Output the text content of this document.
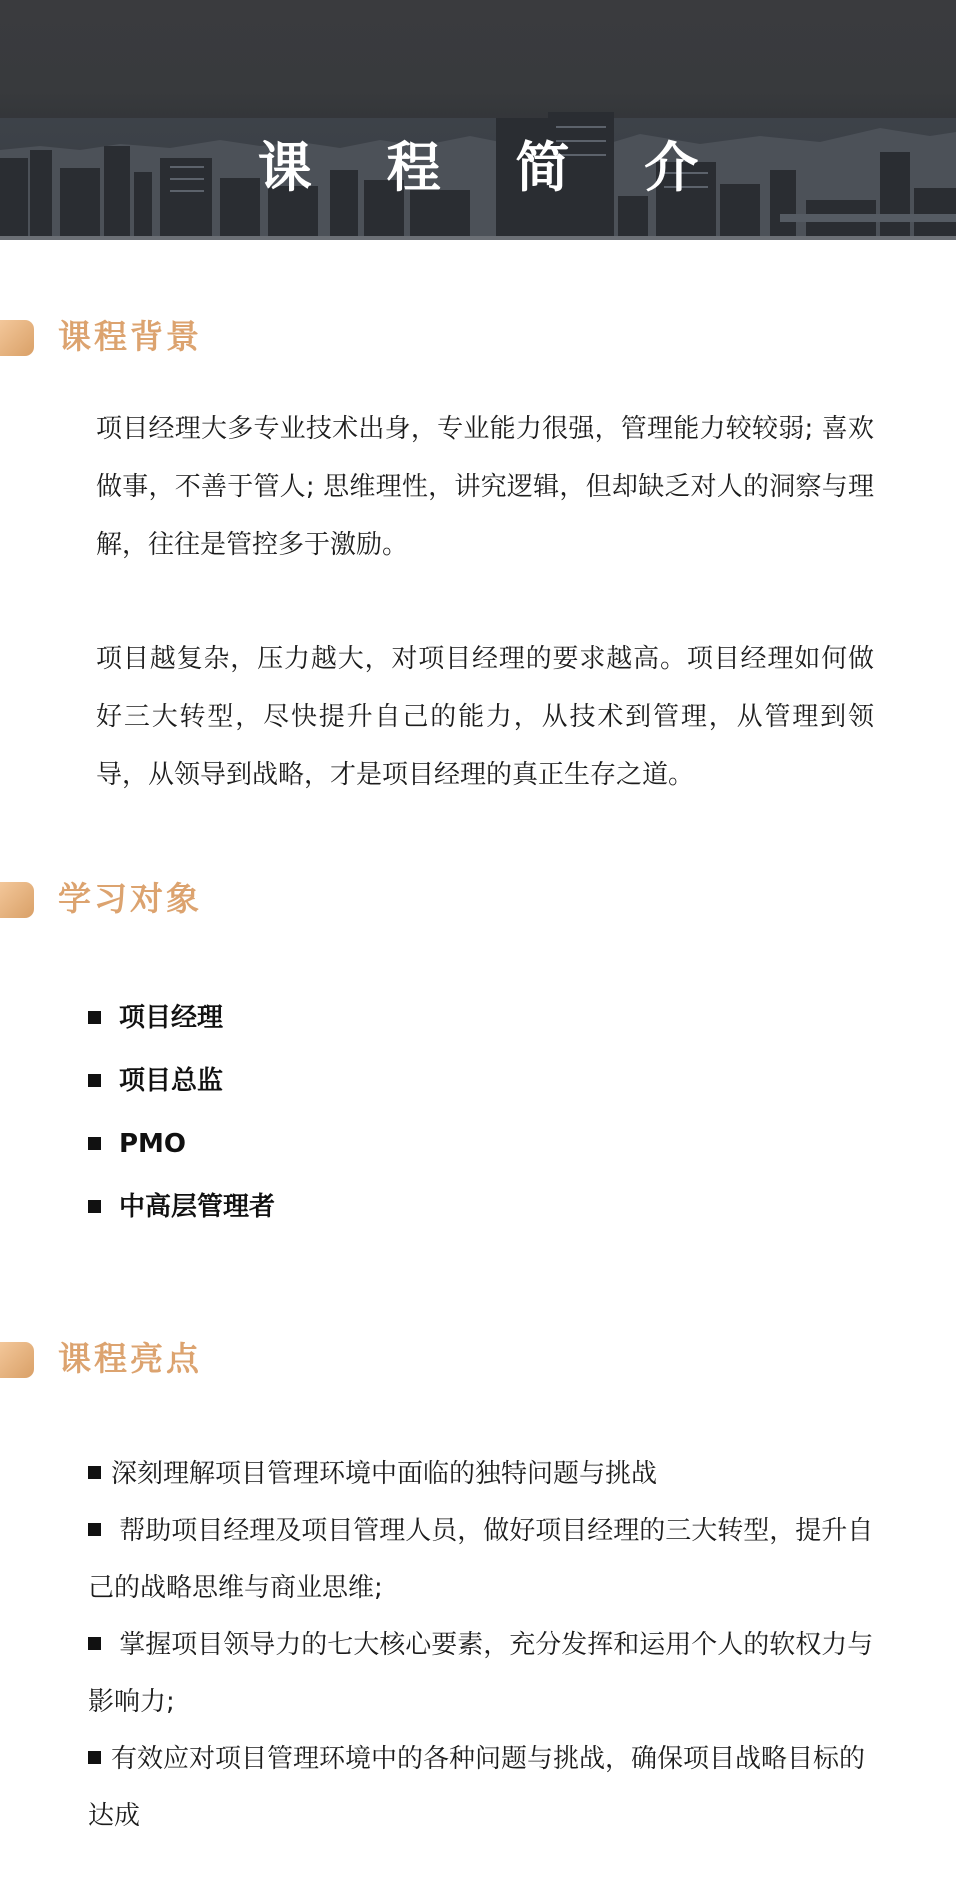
课 程 简 介
课程背景

项目经理大多专业技术出身，专业能力很强，管理能力较较弱; 喜欢做事，不善于管人; 思维理性，讲究逻辑，但却缺乏对人的洞察与理解，往往是管控多于激励。

项目越复杂，压力越大，对项目经理的要求越高。项目经理如何做好三大转型，尽快提升自己的能力，从技术到管理，从管理到领导，从领导到战略，才是项目经理的真正生存之道。

学习对象
项目经理
项目总监
PMO
中高层管理者
课程亮点
深刻理解项目管理环境中面临的独特问题与挑战
帮助项目经理及项目管理人员，做好项目经理的三大转型，提升自己的战略思维与商业思维;
掌握项目领导力的七大核心要素，充分发挥和运用个人的软权力与影响力;
有效应对项目管理环境中的各种问题与挑战，确保项目战略目标的达成
